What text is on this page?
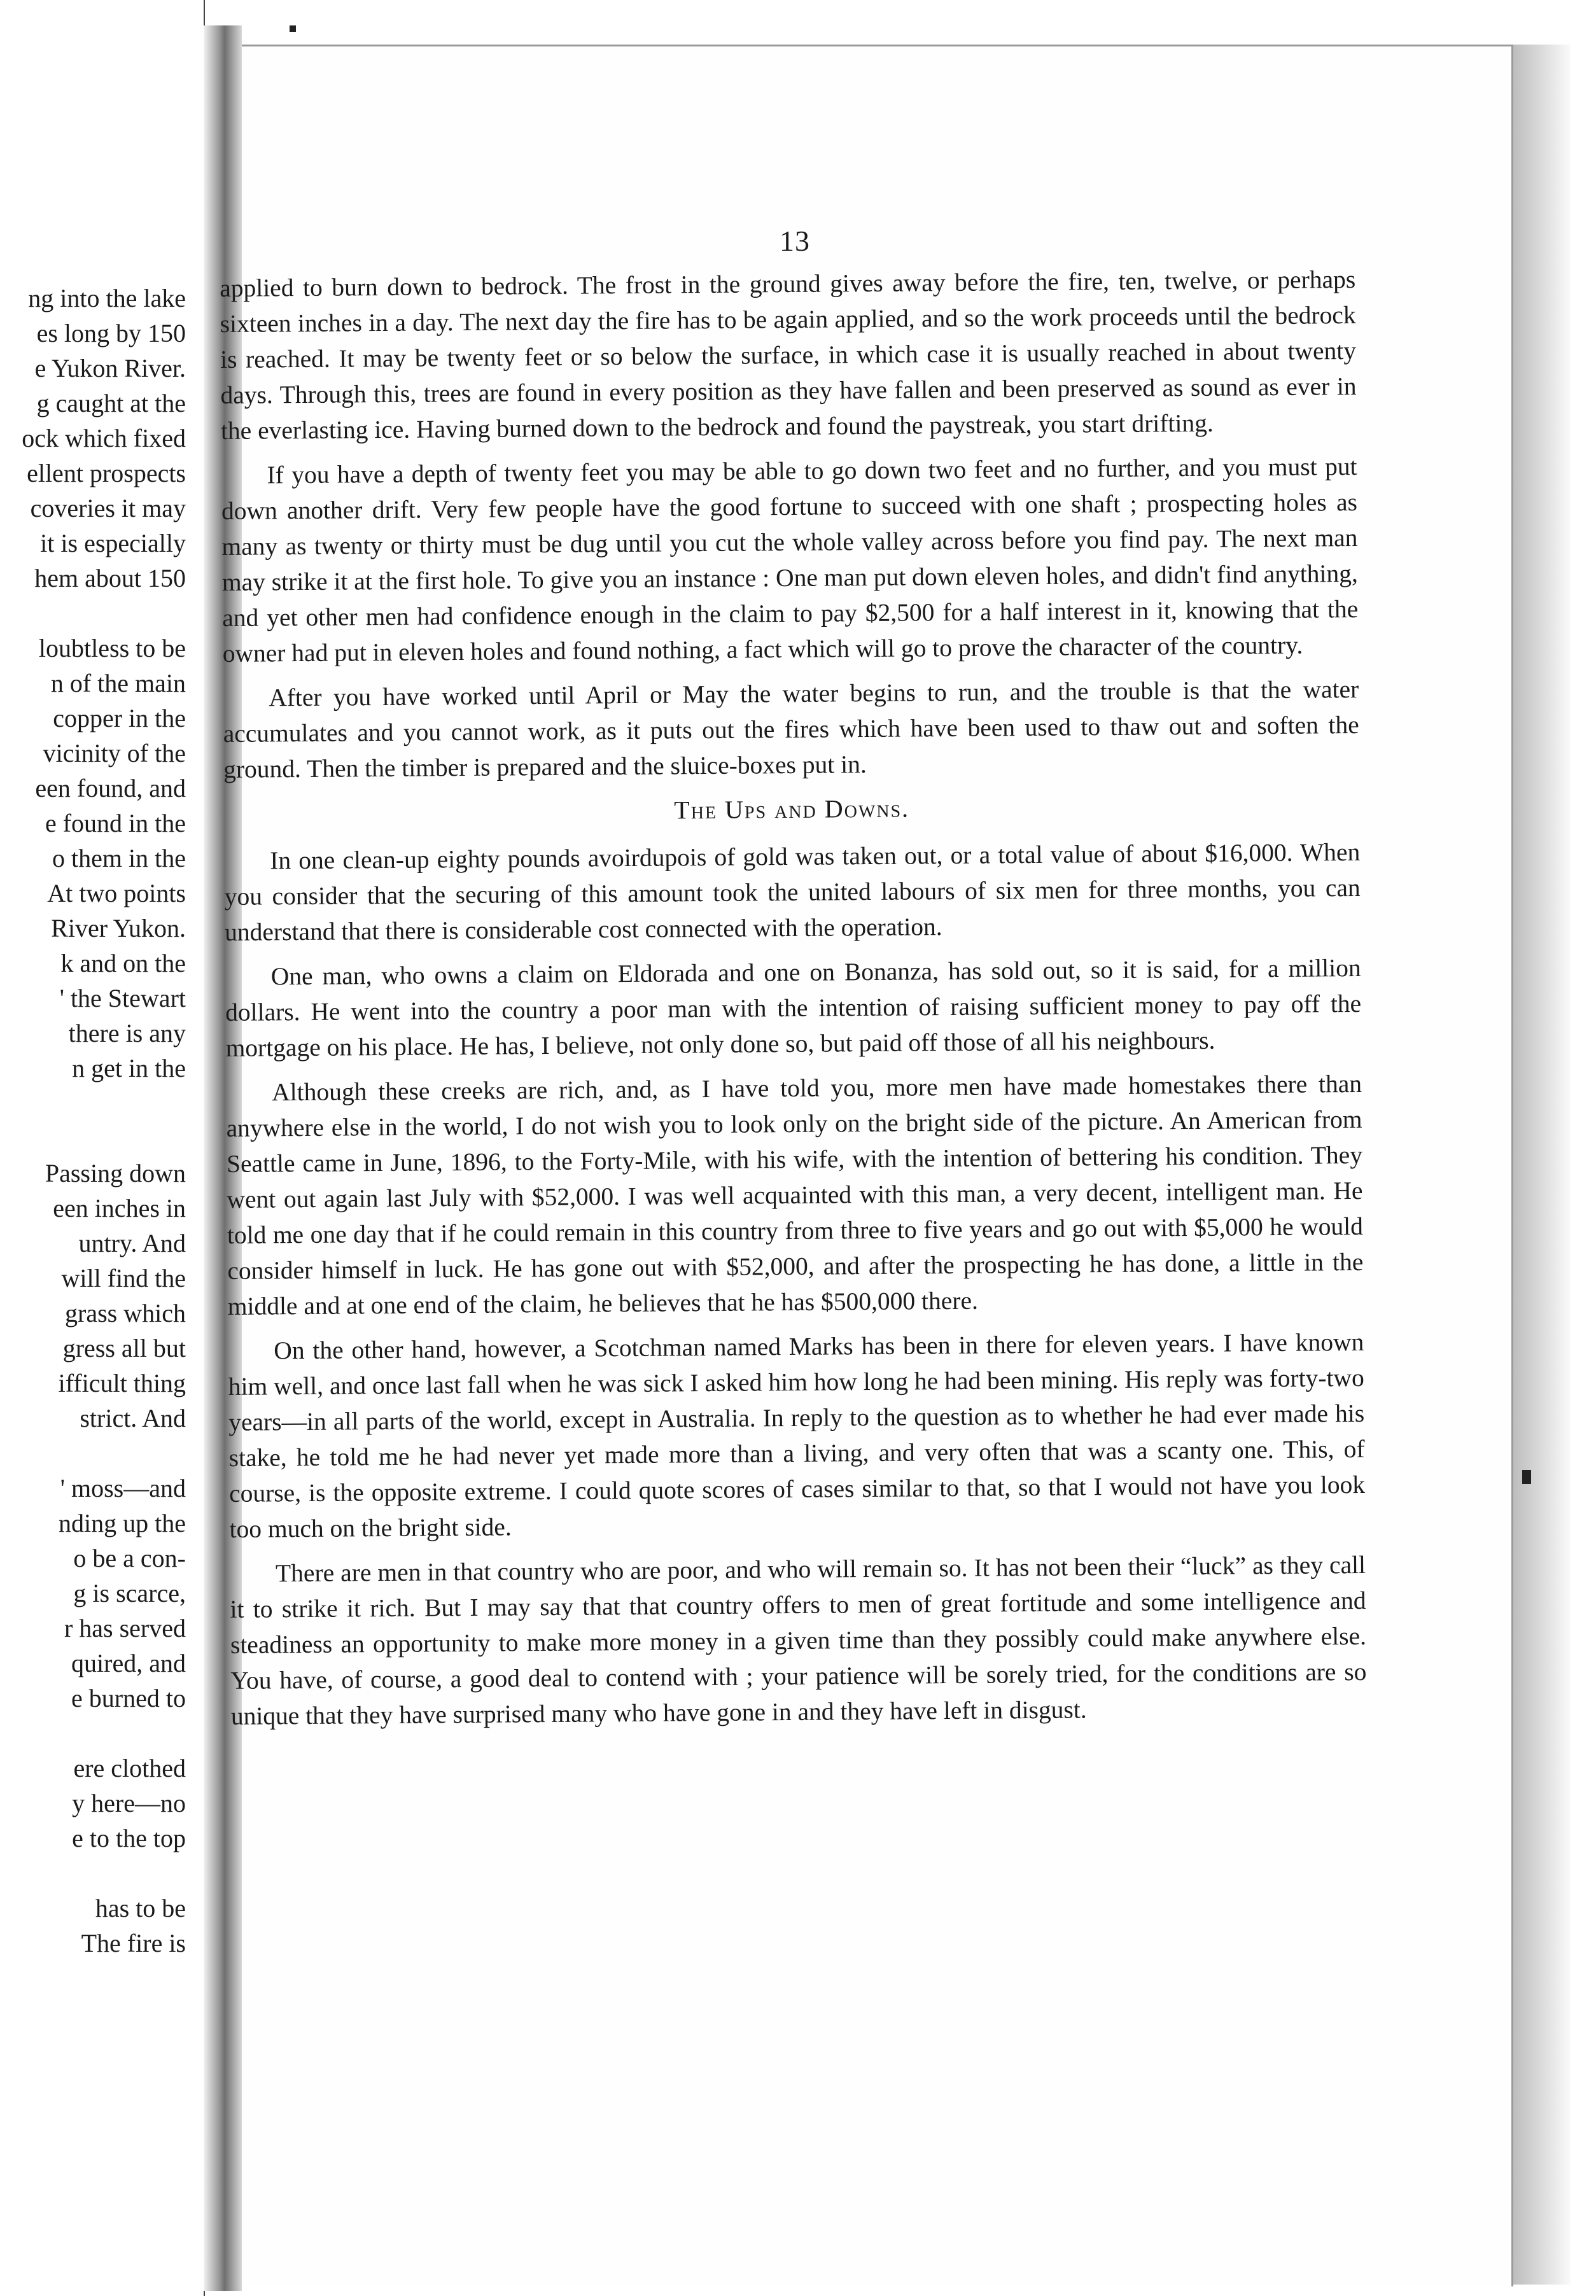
ng into the lake
es long by 150
e Yukon River.
g caught at the
ock which fixed
ellent prospects
coveries it may
it is especially
hem about 150
loubtless to be
n of the main
copper in the
vicinity of the
een found, and
e found in the
o them in the
At two points
River Yukon.
k and on the
' the Stewart
there is any
n get in the
Passing down
een inches in
untry. And
will find the
grass which
gress all but
ifficult thing
strict. And
' moss—and
nding up the
o be a con-
g is scarce,
r has served
quired, and
e burned to
ere clothed
y here—no
e to the top
has to be
The fire is
13

applied to burn down to bedrock. The frost in the ground gives away before the fire, ten, twelve, or perhaps sixteen inches in a day. The next day the fire has to be again applied, and so the work proceeds until the bedrock is reached. It may be twenty feet or so below the surface, in which case it is usually reached in about twenty days. Through this, trees are found in every position as they have fallen and been preserved as sound as ever in the everlasting ice. Having burned down to the bedrock and found the paystreak, you start drifting.

If you have a depth of twenty feet you may be able to go down two feet and no further, and you must put down another drift. Very few people have the good fortune to succeed with one shaft ; prospecting holes as many as twenty or thirty must be dug until you cut the whole valley across before you find pay. The next man may strike it at the first hole. To give you an instance : One man put down eleven holes, and didn't find anything, and yet other men had confidence enough in the claim to pay $2,500 for a half interest in it, knowing that the owner had put in eleven holes and found nothing, a fact which will go to prove the character of the country.

After you have worked until April or May the water begins to run, and the trouble is that the water accumulates and you cannot work, as it puts out the fires which have been used to thaw out and soften the ground. Then the timber is prepared and the sluice-boxes put in.

The Ups and Downs.

In one clean-up eighty pounds avoirdupois of gold was taken out, or a total value of about $16,000. When you consider that the securing of this amount took the united labours of six men for three months, you can understand that there is considerable cost connected with the operation.

One man, who owns a claim on Eldorada and one on Bonanza, has sold out, so it is said, for a million dollars. He went into the country a poor man with the intention of raising sufficient money to pay off the mortgage on his place. He has, I believe, not only done so, but paid off those of all his neighbours.

Although these creeks are rich, and, as I have told you, more men have made homestakes there than anywhere else in the world, I do not wish you to look only on the bright side of the picture. An American from Seattle came in June, 1896, to the Forty-Mile, with his wife, with the intention of bettering his condition. They went out again last July with $52,000. I was well acquainted with this man, a very decent, intelligent man. He told me one day that if he could remain in this country from three to five years and go out with $5,000 he would consider himself in luck. He has gone out with $52,000, and after the prospecting he has done, a little in the middle and at one end of the claim, he believes that he has $500,000 there.

On the other hand, however, a Scotchman named Marks has been in there for eleven years. I have known him well, and once last fall when he was sick I asked him how long he had been mining. His reply was forty-two years—in all parts of the world, except in Australia. In reply to the question as to whether he had ever made his stake, he told me he had never yet made more than a living, and very often that was a scanty one. This, of course, is the opposite extreme. I could quote scores of cases similar to that, so that I would not have you look too much on the bright side.

There are men in that country who are poor, and who will remain so. It has not been their “luck” as they call it to strike it rich. But I may say that that country offers to men of great fortitude and some intelligence and steadiness an opportunity to make more money in a given time than they possibly could make anywhere else. You have, of course, a good deal to contend with ; your patience will be sorely tried, for the conditions are so unique that they have surprised many who have gone in and they have left in disgust.
